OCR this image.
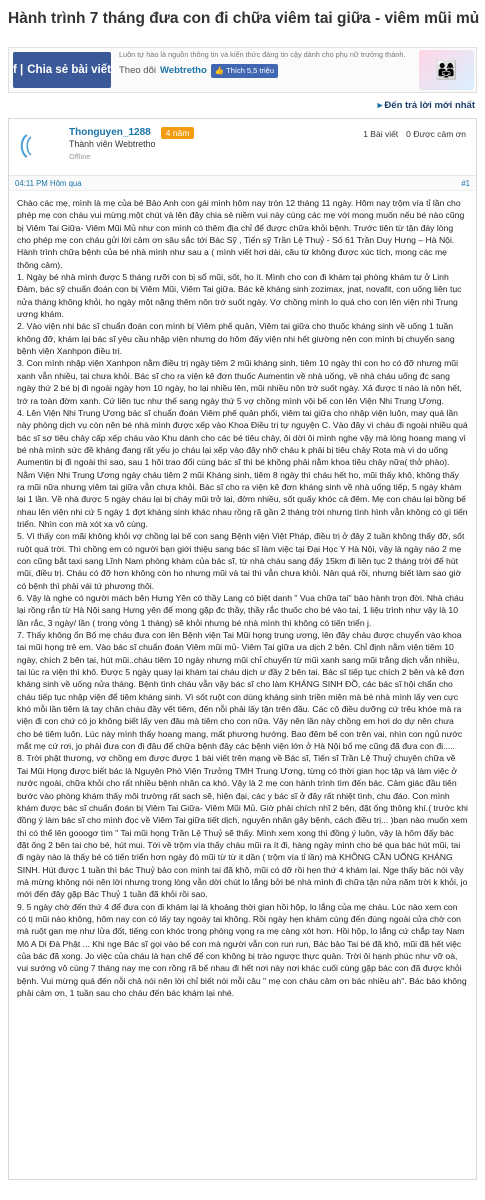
Hành trình 7 tháng đưa con đi chữa viêm tai giữa - viêm mũi mủ
f | Chia sẻ bài viết
Luôn tự hào là nguồn thông tin và kiến thức đáng tin cậy dành cho phụ nữ trường thành.
Theo dõi Webtretho 👍 Thích 5,5 triệu	👨‍👩‍👧
▸ Đến trả lời mới nhất
Thonguyen_1288	4 năm
Thành viên Webtretho
Offline
1 Bài viết 0 Được cảm ơn
04:11 PM Hôm qua	#1

Chào các mẹ, mình là mẹ của bé Bảo Anh con gái mình hôm nay tròn 12 tháng 11 ngày. Hôm nay trộm vía tỉ lần cho phép mẹ con cháu vui mừng một chút và lên đây chia sẻ niềm vui này cùng các mẹ với mong muốn nếu bé nào cũng bị Viêm Tai Giữa- Viêm Mũi Mủ như con mình có thêm địa chỉ để được chữa khỏi bệnh. Trước tiên từ tận đáy lòng cho phép mẹ con cháu gửi lời cảm ơn sâu sắc tới Bác Sỹ , Tiến sỹ Trần Lệ Thuỷ - Số 61 Trần Duy Hưng – Hà Nội.

Hành trình chữa bệnh của bé nhà mình như sau ạ ( mình viết hơi dài, câu từ không được xúc tích, mong các mẹ thông cảm).

1. Ngày bé nhà mình được 5 tháng rưỡi con bị sổ mũi, sốt, ho ít. Mình cho con đi khám tại phòng khám tư ở Linh Đàm, bác sỹ chuẩn đoán con bị Viêm Mũi, Viêm Tai giữa. Bác kê kháng sinh zozimax, jnat, novafit, con uống liên tục nửa tháng không khỏi, ho ngày một nặng thêm nôn trớ suốt ngày. Vợ chồng mình lo quá cho con lên viện nhi Trung ương khám.

2. Vào viện nhi bác sĩ chuẩn đoán con mình bị Viêm phế quản, Viêm tai giữa cho thuốc kháng sinh về uống 1 tuần không đỡ, khám lại bác sĩ yêu cầu nhập viện nhưng do hôm đấy viện nhi hết giường nên con mình bị chuyển sang bệnh viện Xanhpon điều trị.

3. Con mình nhập viện Xanhpon nằm điều trị ngày tiêm 2 mũi kháng sinh, tiêm 10 ngày thì con ho có đỡ nhưng mũi xanh vẫn nhiều, tai chưa khỏi. Bác sĩ cho ra viện kê đơn thuốc Aumentin về nhà uống, về nhà cháu uống đc sang ngày thứ 2 bé bị đi ngoài ngày hơn 10 ngày, ho lại nhiều lên, mũi nhiều nôn trớ suốt ngày. Xả được ti nào là nôn hết, trớ ra toàn đờm xanh. Cứ liên tục như thế sang ngày thứ 5 vợ chồng mình vội bế con lên Viện Nhi Trung Ương.

4. Lên Viện Nhi Trung Ương bác sĩ chuẩn đoán Viêm phế quản phổi, viêm tai giữa cho nhập viện luôn, may quá lần này phòng dịch vụ còn nên bé nhà mình được xếp vào Khoa Điều trị tự nguyện C. Vào đây vì cháu đi ngoài nhiều quá bác sĩ sợ tiêu chảy cấp xếp cháu vào Khu dành cho các bé tiêu chảy, ôi dời ôi mình nghe vậy mà lòng hoang mang vì bé nhà mình sức đề kháng đang rất yếu jo cháu lại xếp vào đây nhỡ cháu k phải bị tiêu chảy Rota mà vì do uống Aumentin bị đi ngoài thì sao, sau 1 hôi trao đổi cùng bác sĩ thì bé không phải nằm khoa tiêu chảy nữa( thở phào). Nằm Viện Nhi Trung Ương ngày cháu tiêm 2 mũi Kháng sinh, tiêm 8 ngày thì cháu hết ho, mũi thấy khô, không thấy ra mũi nữa nhưng viêm tai giữa vẫn chưa khỏi. Bác sĩ cho ra viện kê đơn kháng sinh về nhà uống tiếp, 5 ngày khám lại 1 lần. Về nhà được 5 ngày cháu lại bị chảy mũi trở lại, đờm nhiều, sốt quấy khóc cả đêm. Mẹ con cháu lại bồng bế nhau lên viện nhi cứ 5 ngày 1 đợt kháng sinh khác nhau rồng rã gần 2 tháng trời nhưng tình hình vẫn không có gì tiến triển. Nhìn con mà xót xa vô cùng.

5. Vì thấy con mãi không khỏi vợ chồng lại bế con sang Bệnh viện Việt Pháp, điều trị ở đây 2 tuần không thấy đỡ, sốt ruột quá trời. Thì chồng em có người bạn giới thiệu sang bác sĩ làm việc tại Đại Học Y Hà Nội, vậy là ngày nào 2 mẹ con cũng bắt taxi sang Lĩnh Nam phòng khám của bác sĩ, từ nhà cháu sang đấy 15km đi liên tục 2 tháng trời để hút mũi, điều trị. Cháu có đỡ hơn không còn ho nhưng mũi và tai thì vẫn chưa khỏi. Nản quá rồi, nhưng biết làm sao giờ có bệnh thì phải vái tứ phương thôi.

6. Vậy là nghe có người mách bên Hưng Yên có thầy Lang có biệt danh " Vua chữa tai" bảo hành trọn đời. Nhà cháu lại rồng rắn từ Hà Nội sang Hưng yên để mong gặp đc thầy, thầy rắc thuốc cho bé vào tai, 1 liệu trình như vậy là 10 lần rắc, 3 ngày/ lần ( trong vòng 1 tháng) sẽ khỏi nhưng bé nhà mình thì không có tiến triển j.

7. Thấy không ổn Bố mẹ cháu đưa con lên Bệnh viện Tai Mũi họng trung ương, lên đây cháu được chuyển vào khoa tai mũi họng trẻ em. Vào bác sĩ chuẩn đoán Viêm mũi mủ- Viêm Tai giữa ưa dịch 2 bên. Chỉ định nằm viện tiêm 10 ngày, chích 2 bên tai, hút mũi..cháu tiêm 10 ngày nhưng mũi chỉ chuyển từ mũi xanh sang mũi trắng dịch vẫn nhiều, tai lúc ra viện thì khô. Được 5 ngày quay lại khám tai cháu dịch ư đầy 2 bên tai. Bác sĩ tiếp tục chích 2 bên và kê đơn kháng sinh về uống nửa tháng. Bệnh tình cháu vẫn vậy bác sĩ cho làm KHÁNG SINH ĐỒ, các bác sĩ hội chẩn cho cháu tiếp tục nhập viện để tiêm kháng sinh. Vì sốt ruột con dùng kháng sinh triền miên mà bé nhà mình lấy ven cực khó mỗi lần tiêm là tay chân cháu đầy vết tiêm, đến nỗi phải lấy tận trên đầu. Các cô điều dưỡng cứ trêu khóe mà ra viện đi con chứ có jo không biết lấy ven đâu mà tiêm cho con nữa. Vậy nên lần này chồng em hơi do dự nên chưa cho bé tiêm luôn. Lúc này mình thấy hoang mang, mất phương hướng. Bao đêm bế con trên vai, nhìn con ngủ nước mắt mẹ cứ rơi, jo phải đưa con đi đâu để chữa bệnh đây các bệnh viện lớn ở Hà Nội bố mẹ cũng đã đưa con đi.....

8. Trời phật thương, vợ chồng em được được 1 bài viết trên mạng về Bác sĩ, Tiến sĩ Trần Lệ Thuỷ chuyên chữa về Tai Mũi Họng được biết bác là Nguyên Phó Viện Trưởng TMH Trung Ương, từng có thời gian học tập và làm việc ở nước ngoài, chữa khỏi cho rất nhiều bệnh nhân ca khó. Vậy là 2 mẹ con hành trình tìm đến bác. Cảm giác đầu tiên bước vào phòng khám thấy môi trường rất sạch sẽ, hiện đại, các y bác sĩ ở đây rất nhiệt tình, chu đáo. Con mình khám được bác sĩ chuẩn đoán bị Viêm Tai Giữa- Viêm Mũi Mủ. Giờ phải chích nhĩ 2 bên, đặt ống thông khí.( trước khi đồng ý làm bác sĩ cho mình đọc về Viêm Tai giữa tiết dịch, nguyên nhân gây bệnh, cách điều trị... )bạn nào muốn xem thì có thể lên gooogơ tìm " Tai mũi họng Trần Lệ Thuỷ sẽ thấy. Mình xem xong thì đồng ý luôn, vậy là hôm đấy bác đặt ống 2 bên tai cho bé, hút mui. Tới về trộm vía thấy cháu mũi ra ít đi, hàng ngày mình cho bé qua bác hút mũi, tai đi ngày nào là thấy bé có tiến triển hơn ngày đó mũi từ từ it dần ( trộm vía tỉ lần) mà KHÔNG CẦN UỐNG KHÁNG SINH. Hút được 1 tuần thì bác Thuỷ bảo con mình tai đã khô, mũi có dỡ rồi hẹn thứ 4 khám lại. Nge thấy bác nói vậy mà mừng không nói nên lời nhưng trong lòng vẫn dời chút lo lắng bởi bé nhà mình đi chữa tận nửa năm trời k khỏi, jo mới đến đây gặp Bác Thuỷ 1 tuần đã khỏi rồi sao.

9. 5 ngày chờ đến thứ 4 để đưa con đi khám lại là khoảng thời gian hồi hộp, lo lắng của mẹ cháu. Lúc nào xem con có tị mũi nào không, hôm nay con có lấy tay ngoáy tai không. Rồi ngày hẹn khám cùng đến đúng ngoài cửa chờ con mà ruột gan mẹ như lửa đốt, tiếng con khóc trong phòng vọng ra mẹ càng xót hơn. Hồi hộp, lo lắng cứ chắp tay Nam Mô A Di Đà Phật ... Khi nge Bác sĩ gọi vào bế con mà người vẫn con run run, Bác bảo Tai bé đã khô, mũi đã hết việc của bác đã xong. Jo việc của cháu là hạn chế để con không bị trào ngược thực quản. Trời ôi hạnh phúc như vỡ oà, vui sướng vô cùng 7 tháng nay mẹ con rồng rã bế nhau đi hết nơi này nơi khác cuối cùng gặp bác con đã được khỏi bệnh. Vui mừng quá đến nỗi chả nói nên lời chỉ biết nói mỗi câu " mẹ con cháu cảm ơn bác nhiều ah". Bác bảo không phải cảm ơn, 1 tuần sau cho cháu đến bác khám lại nhé.
